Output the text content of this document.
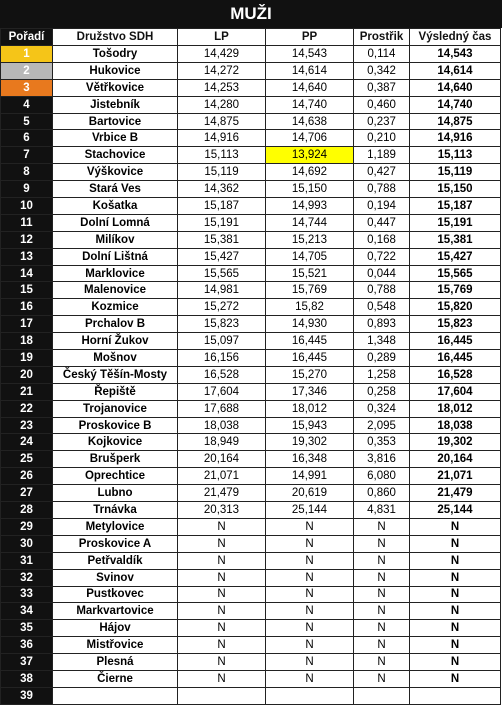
MUŽI
Pořadí	Družstvo SDH	LP	PP	Prostřik	Výsledný čas
1	Tošodry	14,429	14,543	0,114	14,543
2	Hukovice	14,272	14,614	0,342	14,614
3	Větřkovice	14,253	14,640	0,387	14,640
4	Jistebník	14,280	14,740	0,460	14,740
5	Bartovice	14,875	14,638	0,237	14,875
6	Vrbice B	14,916	14,706	0,210	14,916
7	Stachovice	15,113	13,924	1,189	15,113
8	Výškovice	15,119	14,692	0,427	15,119
9	Stará Ves	14,362	15,150	0,788	15,150
10	Košatka	15,187	14,993	0,194	15,187
11	Dolní Lomná	15,191	14,744	0,447	15,191
12	Milíkov	15,381	15,213	0,168	15,381
13	Dolní Lištná	15,427	14,705	0,722	15,427
14	Marklovice	15,565	15,521	0,044	15,565
15	Malenovice	14,981	15,769	0,788	15,769
16	Kozmice	15,272	15,82	0,548	15,820
17	Prchalov B	15,823	14,930	0,893	15,823
18	Horní Žukov	15,097	16,445	1,348	16,445
19	Mošnov	16,156	16,445	0,289	16,445
20	Český Těšín-Mosty	16,528	15,270	1,258	16,528
21	Řepiště	17,604	17,346	0,258	17,604
22	Trojanovice	17,688	18,012	0,324	18,012
23	Proskovice B	18,038	15,943	2,095	18,038
24	Kojkovice	18,949	19,302	0,353	19,302
25	Brušperk	20,164	16,348	3,816	20,164
26	Oprechtice	21,071	14,991	6,080	21,071
27	Lubno	21,479	20,619	0,860	21,479
28	Trnávka	20,313	25,144	4,831	25,144
29	Metylovice	N	N	N	N
30	Proskovice A	N	N	N	N
31	Petřvaldík	N	N	N	N
32	Svinov	N	N	N	N
33	Pustkovec	N	N	N	N
34	Markvartovice	N	N	N	N
35	Hájov	N	N	N	N
36	Mistřovice	N	N	N	N
37	Plesná	N	N	N	N
38	Čierne	N	N	N	N
39					
